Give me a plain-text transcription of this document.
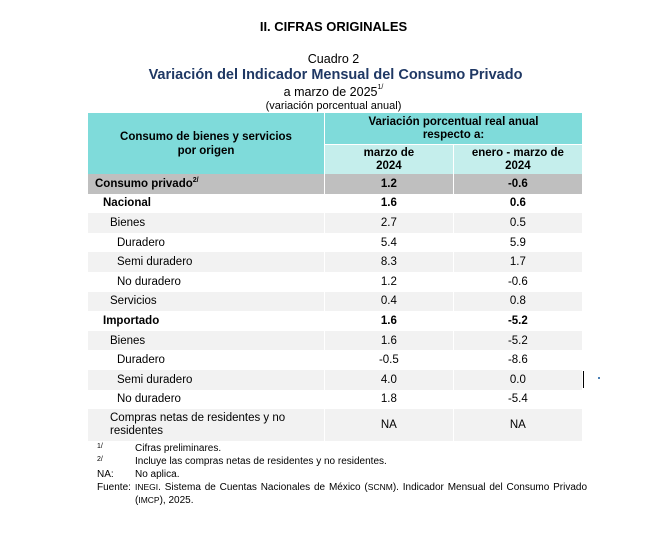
II. CIFRAS ORIGINALES
Cuadro 2
Variación del Indicador Mensual del Consumo Privado
a marzo de $2025^{1/}$
(variación porcentual anual)
Consumo de bienes y servicios por origen	Variación porcentual real anual respecto a:	

	marzo de 2024	enero - marzo de 2024

Consumo privado$^{2/}$	1.2	-0.6
Nacional	1.6	0.6
Bienes	2.7	0.5
Duradero	5.4	5.9
Semi duradero	8.3	1.7
No duradero	1.2	-0.6
Servicios	0.4	0.8
Importado	1.6	-5.2
Bienes	1.6	-5.2
Duradero	-0.5	-8.6
Semi duradero	4.0	0.0
No duradero	1.8	-5.4
Compras netas de residentes y no residentes	NA	NA
1/	Cifras preliminares.
2/	Incluye las compras netas de residentes y no residentes.
NA:	No aplica.
Fuente: INEGI. Sistema de Cuentas Nacionales de México (SCNM). Indicador Mensual del Consumo Privado (IMCP), 2025.
